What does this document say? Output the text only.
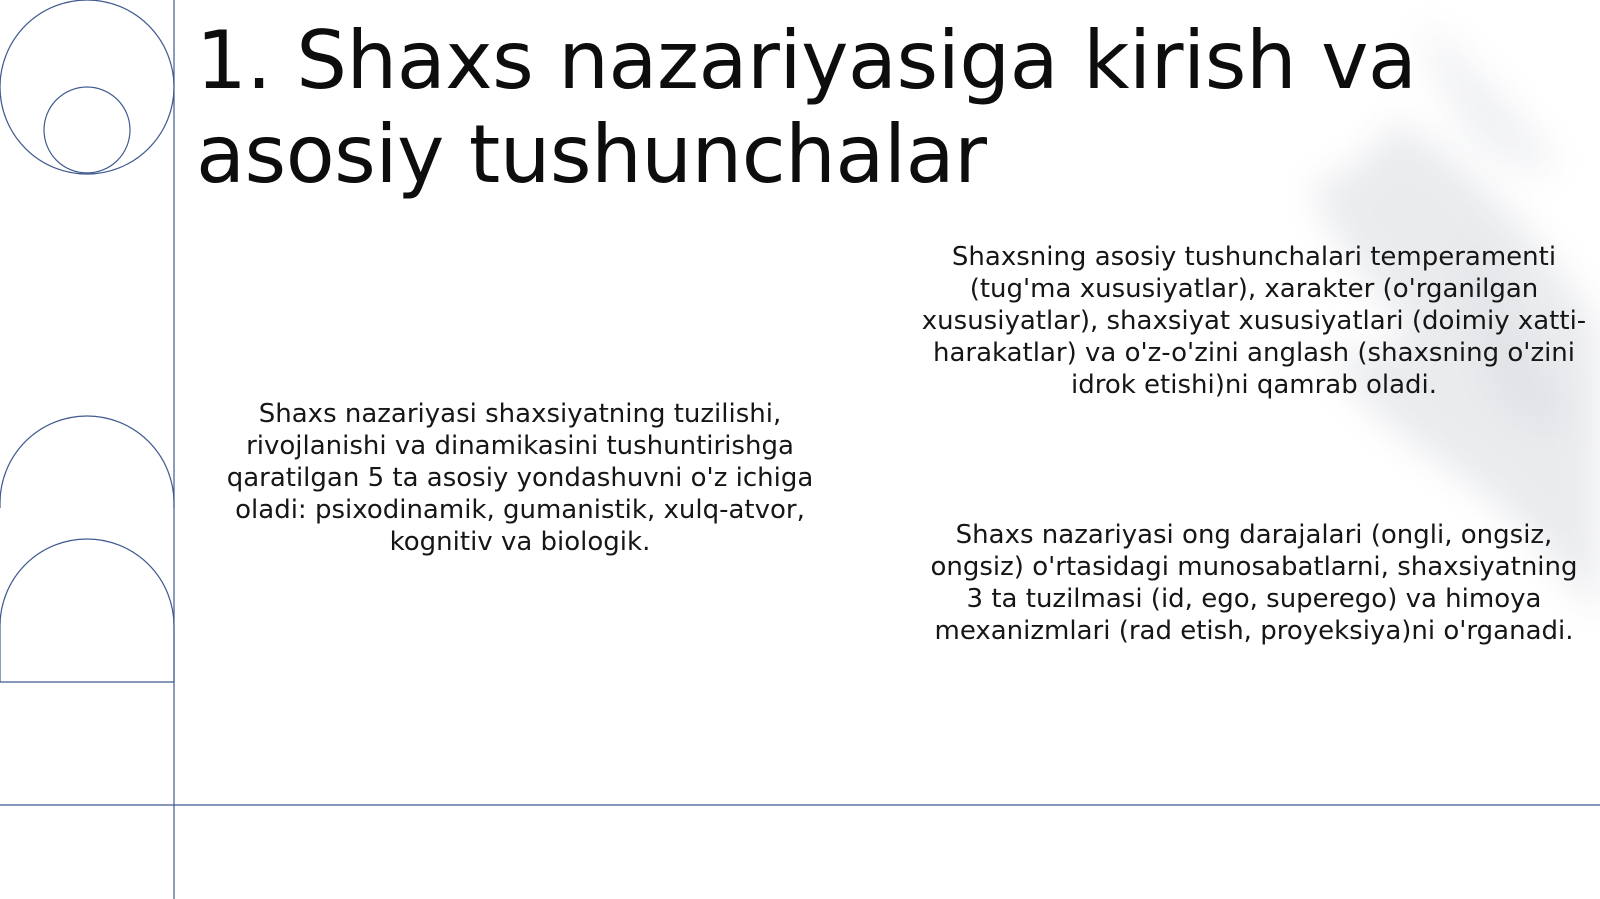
1. Shaxs nazariyasiga kirish va asosiy tushunchalar

Shaxs nazariyasi shaxsiyatning tuzilishi, rivojlanishi va dinamikasini tushuntirishga qaratilgan 5 ta asosiy yondashuvni o'z ichiga oladi: psixodinamik, gumanistik, xulq-atvor, kognitiv va biologik.

Shaxsning asosiy tushunchalari temperamenti (tug'ma xususiyatlar), xarakter (o'rganilgan xususiyatlar), shaxsiyat xususiyatlari (doimiy xatti-harakatlar) va o'z-o'zini anglash (shaxsning o'zini idrok etishi)ni qamrab oladi.

Shaxs nazariyasi ong darajalari (ongli, ongsiz, ongsiz) o'rtasidagi munosabatlarni, shaxsiyatning 3 ta tuzilmasi (id, ego, superego) va himoya mexanizmlari (rad etish, proyeksiya)ni o'rganadi.
